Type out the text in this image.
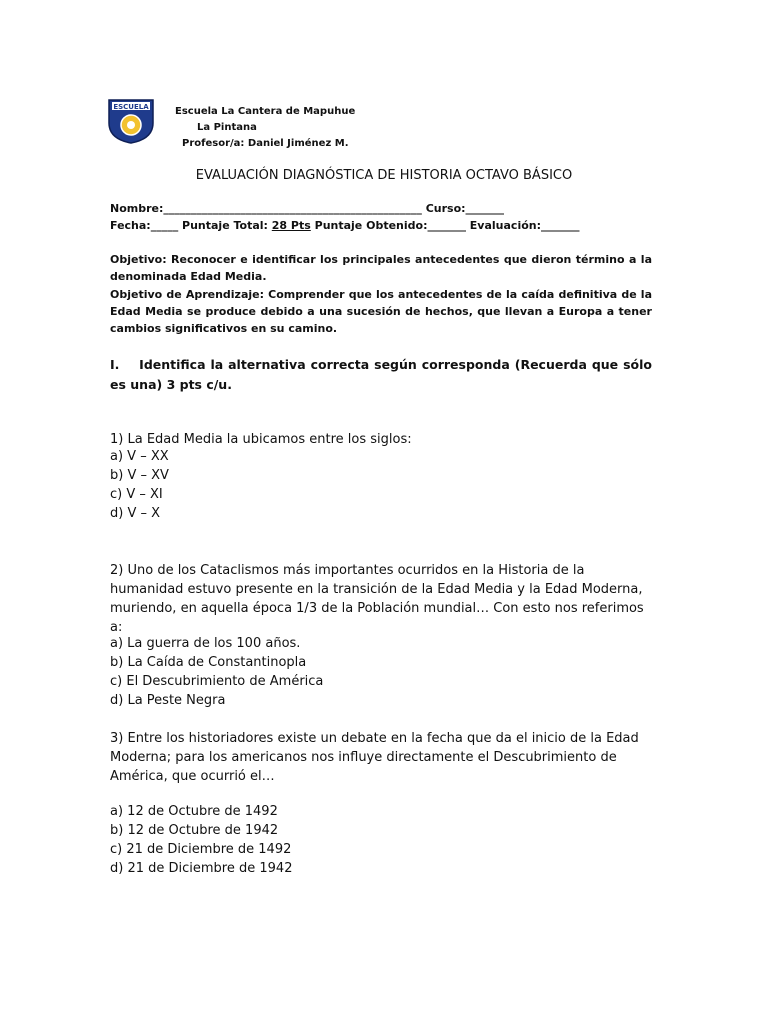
ESCUELA	Escuela La Cantera de Mapuhue
La Pintana
Profesor/a: Daniel Jiménez M.
EVALUACIÓN DIAGNÓSTICA DE HISTORIA OCTAVO BÁSICO
Nombre:_______________________________________________ Curso:_______
Fecha:_____ Puntaje Total: 28 Pts Puntaje Obtenido:_______ Evaluación:_______

Objetivo: Reconocer e identificar los principales antecedentes que dieron término a la denominada Edad Media.

Objetivo de Aprendizaje: Comprender que los antecedentes de la caída definitiva de la Edad Media se produce debido a una sucesión de hechos, que llevan a Europa a tener cambios significativos en su camino.

I. Identifica la alternativa correcta según corresponda (Recuerda que sólo es una) 3 pts c/u.

1) La Edad Media la ubicamos entre los siglos:

a) V – XX
b) V – XV
c) V – XI
d) V – X

2) Uno de los Cataclismos más importantes ocurridos en la Historia de la humanidad estuvo presente en la transición de la Edad Media y la Edad Moderna, muriendo, en aquella época 1/3 de la Población mundial… Con esto nos referimos a:

a) La guerra de los 100 años.
b) La Caída de Constantinopla
c) El Descubrimiento de América
d) La Peste Negra

3) Entre los historiadores existe un debate en la fecha que da el inicio de la Edad Moderna; para los americanos nos influye directamente el Descubrimiento de América, que ocurrió el…

a) 12 de Octubre de 1492
b) 12 de Octubre de 1942
c) 21 de Diciembre de 1492
d) 21 de Diciembre de 1942
